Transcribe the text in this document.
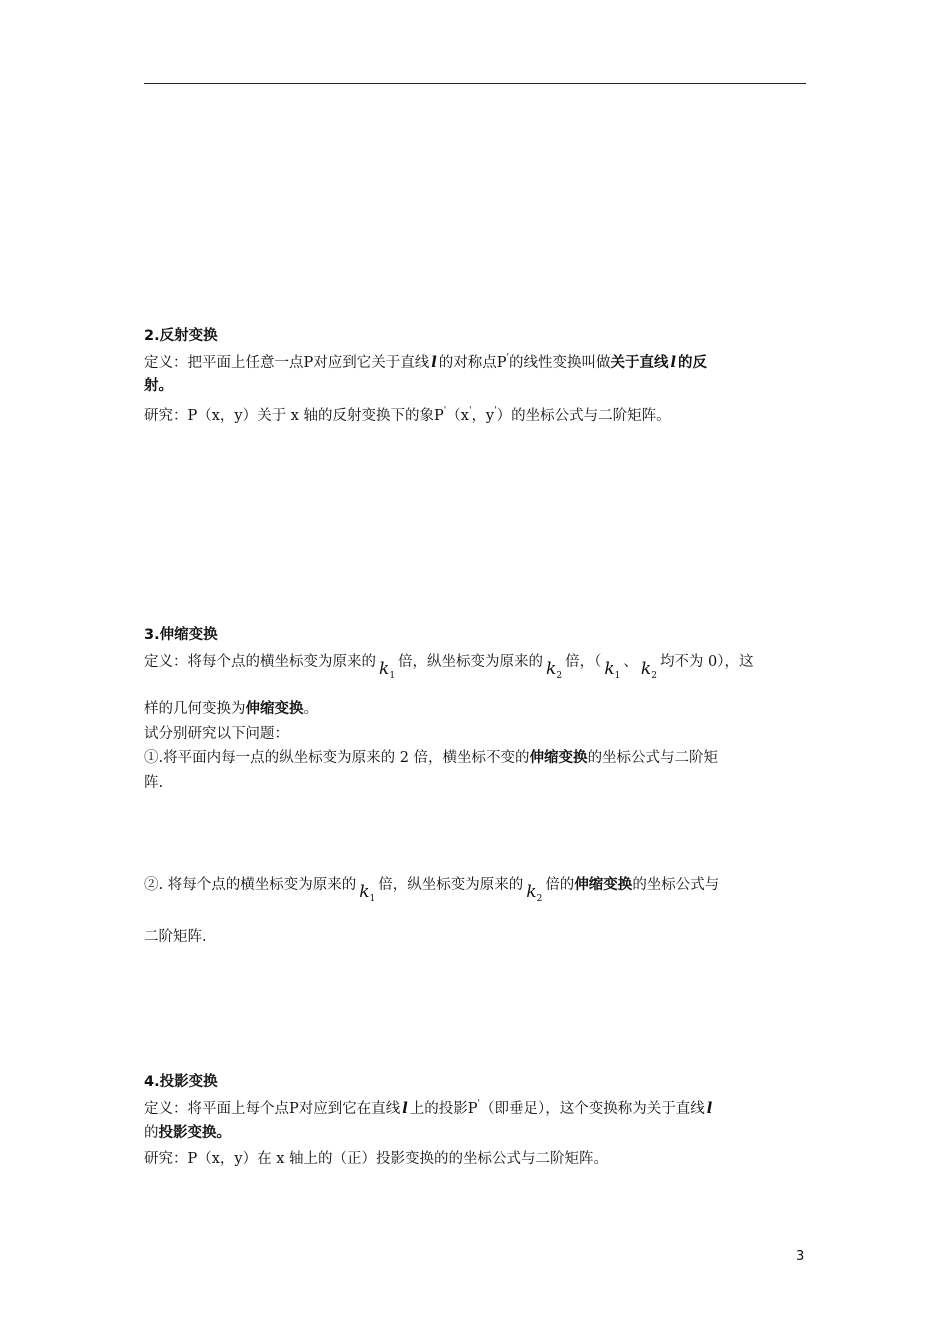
2.反射变换
定义：把平面上任意一点P对应到它关于直线 l 的对称点P'的线性变换叫做关于直线 l 的反
射。
研究：P（x，y）关于 x 轴的反射变换下的象P'（x'，y'）的坐标公式与二阶矩阵。
3.伸缩变换
定义：将每个点的横坐标变为原来的 $k_1$倍，纵坐标变为原来的 $k_2$倍，（ $k_1$、 $k_2$均不为 0），这
样的几何变换为伸缩变换。
试分别研究以下问题：
①.将平面内每一点的纵坐标变为原来的 2 倍，横坐标不变的伸缩变换的坐标公式与二阶矩
阵.
②. 将每个点的横坐标变为原来的 $k_1$倍，纵坐标变为原来的 $k_2$倍的伸缩变换的坐标公式与
二阶矩阵.
4.投影变换
定义：将平面上每个点P对应到它在直线 l 上的投影P'（即垂足），这个变换称为关于直线 l
的投影变换。
研究：P（x，y）在 x 轴上的（正）投影变换的的坐标公式与二阶矩阵。
3
